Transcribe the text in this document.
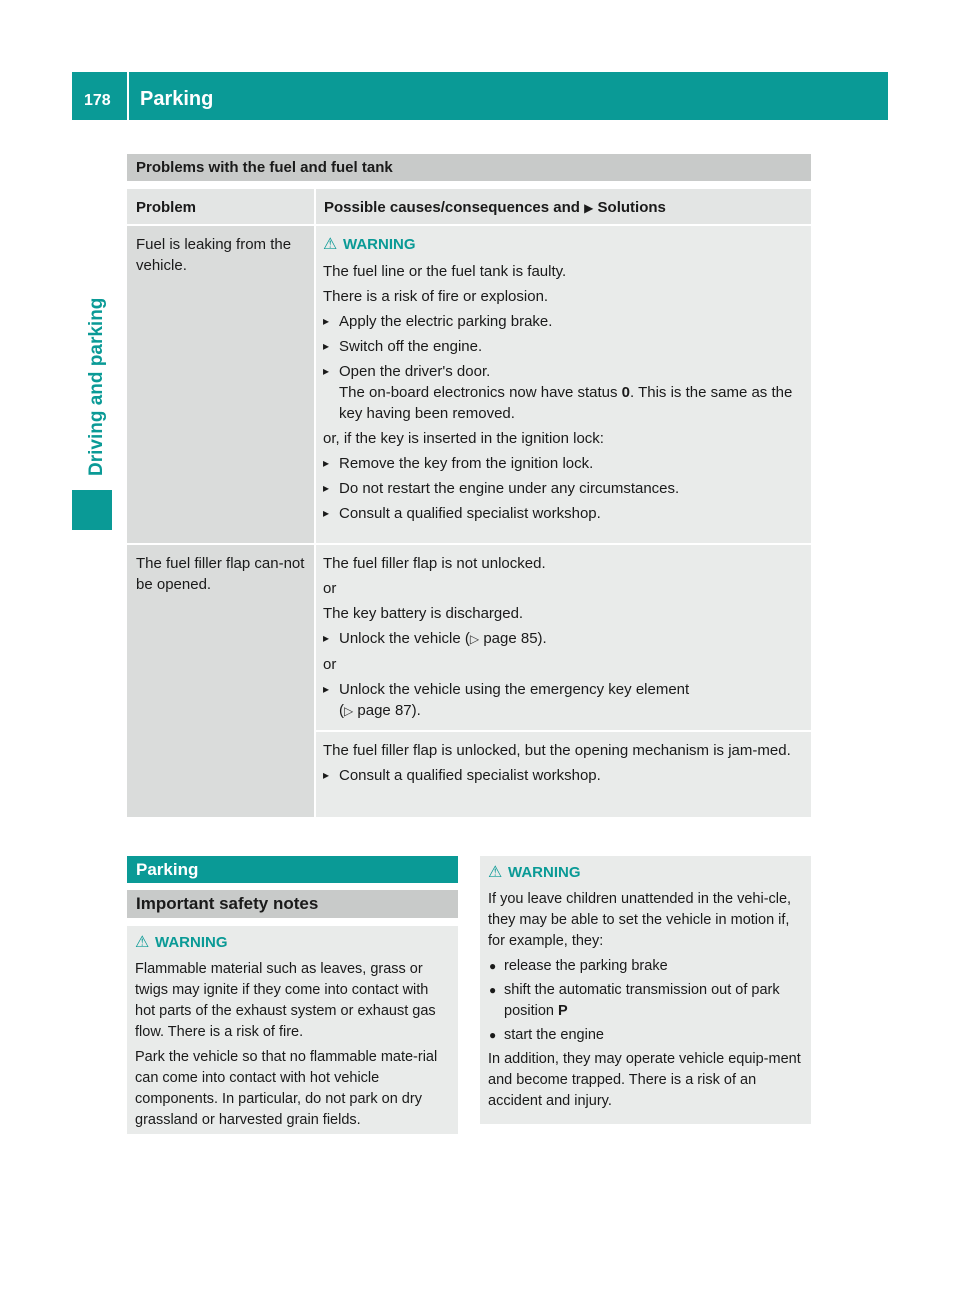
178	Parking
Driving and parking
Problems with the fuel and fuel tank
Problem	Possible causes/consequences and ▶ Solutions
Fuel is leaking from the vehicle.
⚠ WARNING

The fuel line or the fuel tank is faulty.

There is a risk of fire or explosion.

▸ Apply the electric parking brake.
▸ Switch off the engine.
▸ Open the driver's door.
The on-board electronics now have status 0. This is the same as the key having been removed.

or, if the key is inserted in the ignition lock:

▸ Remove the key from the ignition lock.
▸ Do not restart the engine under any circumstances.
▸ Consult a qualified specialist workshop.
The fuel filler flap can-not be opened.

The fuel filler flap is not unlocked.

or

The key battery is discharged.

▸ Unlock the vehicle (▷ page 85).

or

▸ Unlock the vehicle using the emergency key element
(▷ page 87).

The fuel filler flap is unlocked, but the opening mechanism is jam-med.

▸ Consult a qualified specialist workshop.
Parking
Important safety notes
⚠ WARNING

Flammable material such as leaves, grass or twigs may ignite if they come into contact with hot parts of the exhaust system or exhaust gas flow. There is a risk of fire.

Park the vehicle so that no flammable mate-rial can come into contact with hot vehicle components. In particular, do not park on dry grassland or harvested grain fields.

⚠ WARNING

If you leave children unattended in the vehi-cle, they may be able to set the vehicle in motion if, for example, they:

● release the parking brake
● shift the automatic transmission out of park position P
● start the engine

In addition, they may operate vehicle equip-ment and become trapped. There is a risk of an accident and injury.
